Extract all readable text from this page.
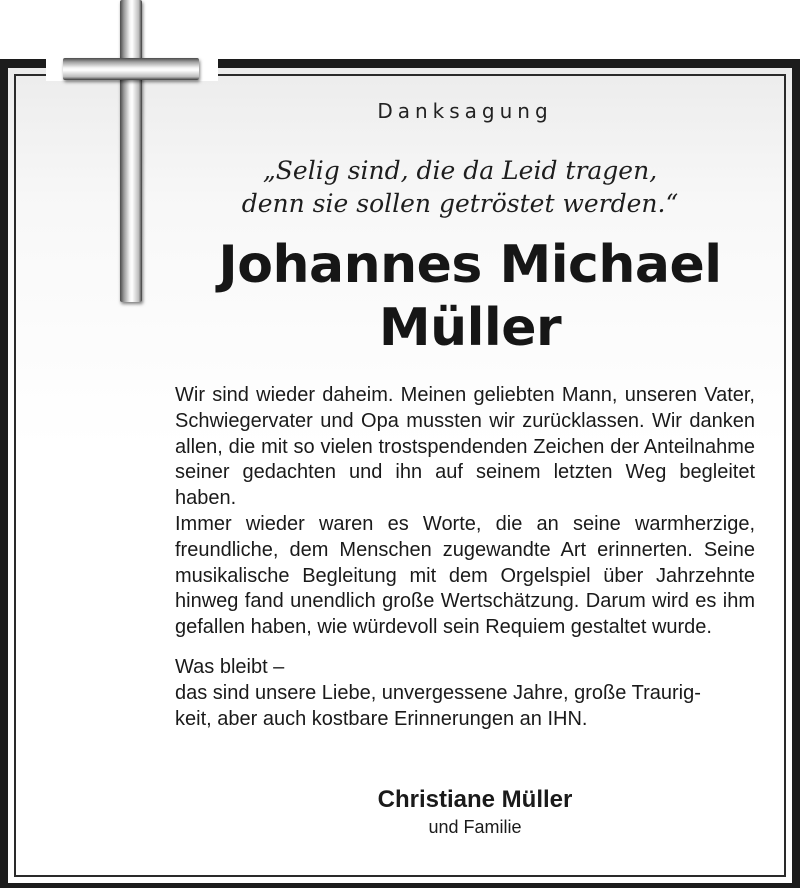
Danksagung
„Selig sind, die da Leid tragen,
denn sie sollen getröstet werden.“
Johannes Michael
Müller

Wir sind wieder daheim. Meinen geliebten Mann, unseren Vater, Schwiegervater und Opa mussten wir zurücklassen. Wir danken allen, die mit so vielen trostspendenden Zeichen der Anteilnahme seiner gedachten und ihn auf seinem letzten Weg begleitet haben.

Immer wieder waren es Worte, die an seine warmherzige, freundliche, dem Menschen zugewandte Art erinnerten. Seine musikalische Begleitung mit dem Orgelspiel über Jahrzehnte hinweg fand unendlich große Wertschätzung. Darum wird es ihm gefallen haben, wie würdevoll sein Requiem gestaltet wurde.

Was bleibt –
das sind unsere Liebe, unvergessene Jahre, große Traurig-
keit, aber auch kostbare Erinnerungen an IHN.

Christiane Müller
und Familie
